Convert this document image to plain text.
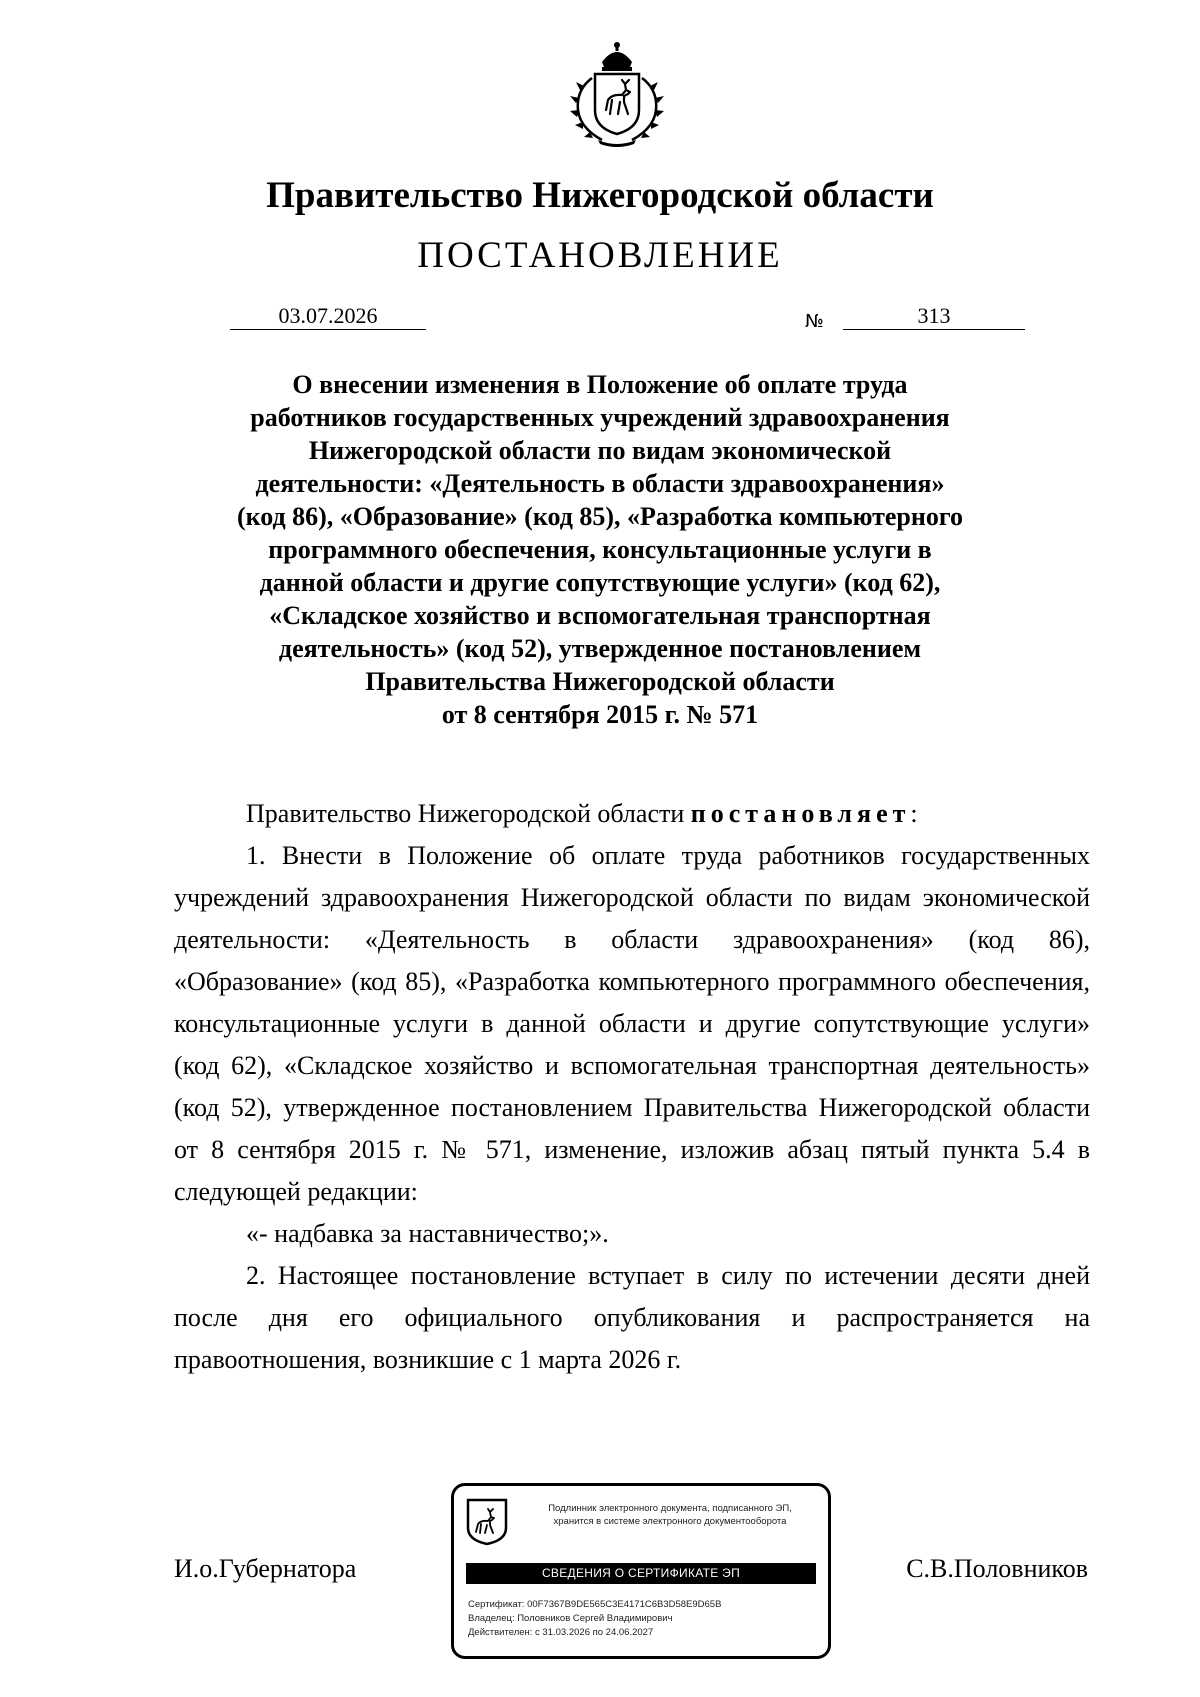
Правительство Нижегородской области
ПОСТАНОВЛЕНИЕ
03.07.2026	№	313
О внесении изменения в Положение об оплате труда
работников государственных учреждений здравоохранения
Нижегородской области по видам экономической
деятельности: «Деятельность в области здравоохранения»
(код 86), «Образование» (код 85), «Разработка компьютерного
программного обеспечения, консультационные услуги в
данной области и другие сопутствующие услуги» (код 62),
«Складское хозяйство и вспомогательная транспортная
деятельность» (код 52), утвержденное постановлением
Правительства Нижегородской области
от 8 сентября 2015 г. № 571

Правительство Нижегородской области постановляет:

1. Внести в Положение об оплате труда работников государственных учреждений здравоохранения Нижегородской области по видам экономической деятельности: «Деятельность в области здравоохранения» (код 86), «Образование» (код 85), «Разработка компьютерного программного обеспечения, консультационные услуги в данной области и другие сопутствующие услуги» (код 62), «Складское хозяйство и вспомогательная транспортная деятельность» (код 52), утвержденное постановлением Правительства Нижегородской области от 8 сентября 2015 г. № 571, изменение, изложив абзац пятый пункта 5.4 в следующей редакции:

«- надбавка за наставничество;».

2. Настоящее постановление вступает в силу по истечении десяти дней после дня его официального опубликования и распространяется на правоотношения, возникшие с 1 марта 2026 г.

И.о.Губернатора	С.В.Половников
Подлинник электронного документа, подписанного ЭП,
хранится в системе электронного документооборота
СВЕДЕНИЯ О СЕРТИФИКАТЕ ЭП
Сертификат: 00F7367B9DE565C3E4171C6B3D58E9D65B
Владелец: Половников Сергей Владимирович
Действителен: с 31.03.2026 по 24.06.2027
